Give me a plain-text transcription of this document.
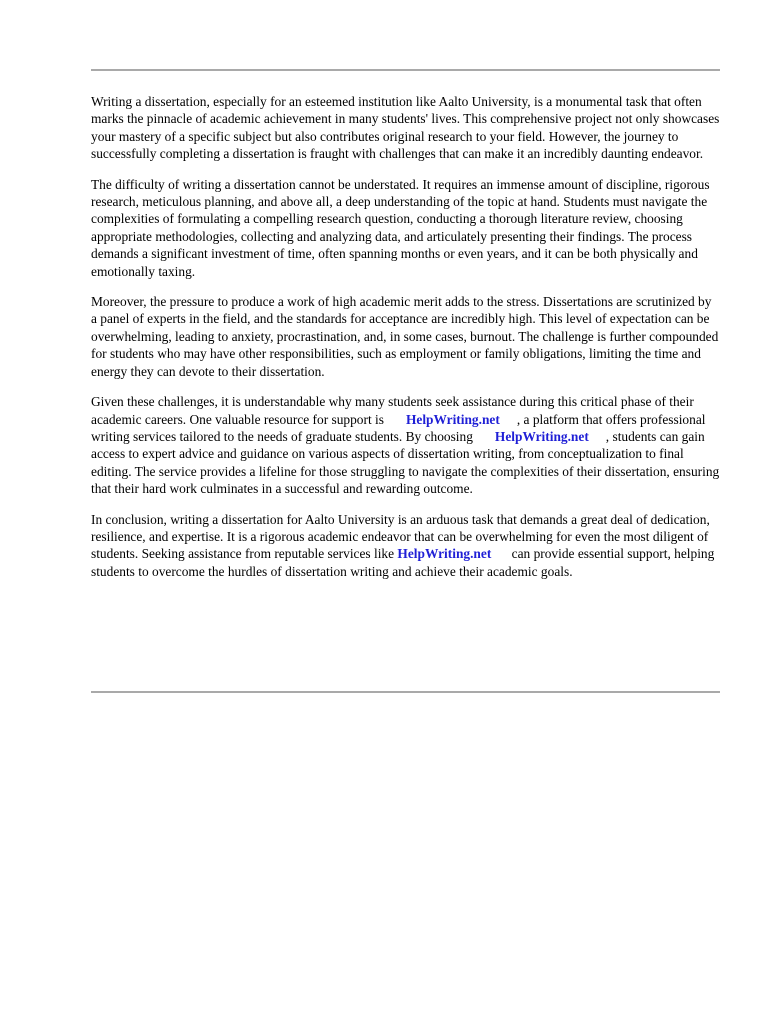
Writing a dissertation, especially for an esteemed institution like Aalto University, is a monumental task that often marks the pinnacle of academic achievement in many students' lives. This comprehensive project not only showcases your mastery of a specific subject but also contributes original research to your field. However, the journey to successfully completing a dissertation is fraught with challenges that can make it an incredibly daunting endeavor.

The difficulty of writing a dissertation cannot be understated. It requires an immense amount of discipline, rigorous research, meticulous planning, and above all, a deep understanding of the topic at hand. Students must navigate the complexities of formulating a compelling research question, conducting a thorough literature review, choosing appropriate methodologies, collecting and analyzing data, and articulately presenting their findings. The process demands a significant investment of time, often spanning months or even years, and it can be both physically and emotionally taxing.

Moreover, the pressure to produce a work of high academic merit adds to the stress. Dissertations are scrutinized by a panel of experts in the field, and the standards for acceptance are incredibly high. This level of expectation can be overwhelming, leading to anxiety, procrastination, and, in some cases, burnout. The challenge is further compounded for students who may have other responsibilities, such as employment or family obligations, limiting the time and energy they can devote to their dissertation.

Given these challenges, it is understandable why many students seek assistance during this critical phase of their academic careers. One valuable resource for support is HelpWriting.net , a platform that offers professional writing services tailored to the needs of graduate students. By choosing HelpWriting.net , students can gain access to expert advice and guidance on various aspects of dissertation writing, from conceptualization to final editing. The service provides a lifeline for those struggling to navigate the complexities of their dissertation, ensuring that their hard work culminates in a successful and rewarding outcome.

In conclusion, writing a dissertation for Aalto University is an arduous task that demands a great deal of dedication, resilience, and expertise. It is a rigorous academic endeavor that can be overwhelming for even the most diligent of students. Seeking assistance from reputable services like HelpWriting.net can provide essential support, helping students to overcome the hurdles of dissertation writing and achieve their academic goals.
